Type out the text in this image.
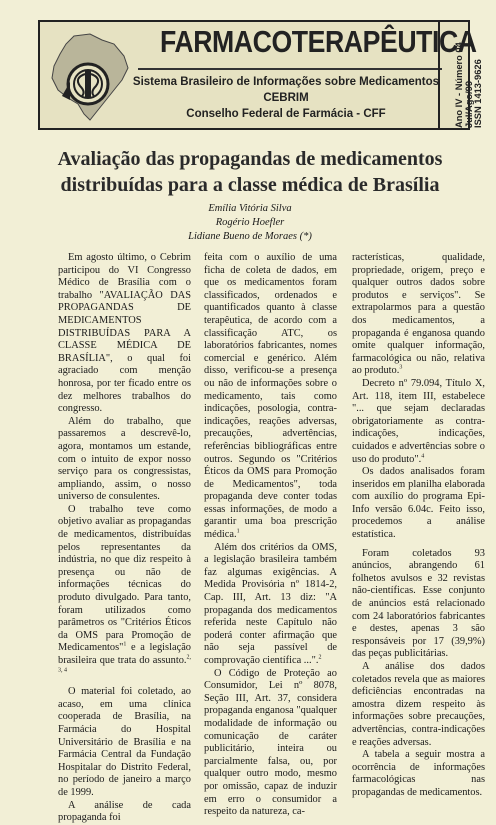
FARMACOTERAPÊUTICA
Sistema Brasileiro de Informações sobre Medicamentos
CEBRIM
Conselho Federal de Farmácia - CFF	Ano IV - Número 04 Jul/Ago/99 ISSN 1413-9626
Avaliação das propagandas de medicamentos
distribuídas para a classe médica de Brasília
Emília Vitória Silva
Rogério Hoefler
Lidiane Bueno de Moraes (*)

Em agosto último, o Cebrim participou do VI Congresso Médico de Brasília com o trabalho "AVALIAÇÃO DAS PROPAGANDAS DE MEDICAMENTOS DISTRIBUÍDAS PARA A CLASSE MÉDICA DE BRASÍLIA", o qual foi agraciado com menção honrosa, por ter ficado entre os dez melhores trabalhos do congresso.

Além do trabalho, que passaremos a descrevê-lo, agora, montamos um estande, com o intuito de expor nosso serviço para os congressistas, ampliando, assim, o nosso universo de consulentes.

O trabalho teve como objetivo avaliar as propagandas de medicamentos, distribuídas pelos representantes da indústria, no que diz respeito à presença ou não de informações técnicas do produto divulgado. Para tanto, foram utilizados como parâmetros os "Critérios Éticos da OMS para Promoção de Medicamentos"$^1$ e a legislação brasileira que trata do assunto.$^{2, 3, 4}$

O material foi coletado, ao acaso, em uma clínica cooperada de Brasília, na Farmácia do Hospital Universitário de Brasília e na Farmácia Central da Fundação Hospitalar do Distrito Federal, no período de janeiro a março de 1999.

A análise de cada propaganda foi

feita com o auxílio de uma ficha de coleta de dados, em que os medicamentos foram classificados, ordenados e quantificados quanto à classe terapêutica, de acordo com a classificação ATC, os laboratórios fabricantes, nomes comercial e genérico. Além disso, verificou-se a presença ou não de informações sobre o medicamento, tais como indicações, posologia, contra-indicações, reações adversas, precauções, advertências, referências bibliográficas entre outros. Segundo os "Critérios Éticos da OMS para Promoção de Medicamentos", toda propaganda deve conter todas essas informações, de modo a garantir uma boa prescrição médica.$^1$

Além dos critérios da OMS, a legislação brasileira também faz algumas exigências. A Medida Provisória nº 1814-2, Cap. III, Art. 13 diz: "A propaganda dos medicamentos referida neste Capítulo não poderá conter afirmação que não seja passível de comprovação científica ...".$^2$

O Código de Proteção ao Consumidor, Lei nº 8078, Seção III, Art. 37, considera propaganda enganosa "qualquer modalidade de informação ou comunicação de caráter publicitário, inteira ou parcialmente falsa, ou, por qualquer outro modo, mesmo por omissão, capaz de induzir em erro o consumidor a respeito da natureza, ca-

racterísticas, qualidade, propriedade, origem, preço e qualquer outros dados sobre produtos e serviços". Se extrapolarmos para a questão dos medicamentos, a propaganda é enganosa quando omite qualquer informação, farmacológica ou não, relativa ao produto.$^3$

Decreto nº 79.094, Título X, Art. 118, item III, estabelece "... que sejam declaradas obrigatoriamente as contra-indicações, indicações, cuidados e advertências sobre o uso do produto".$^4$

Os dados analisados foram inseridos em planilha elaborada com auxílio do programa Epi-Info versão 6.04c. Feito isso, procedemos a análise estatística.

Foram coletados 93 anúncios, abrangendo 61 folhetos avulsos e 32 revistas não-científicas. Esse conjunto de anúncios está relacionado com 24 laboratórios fabricantes e destes, apenas 3 são responsáveis por 17 (39,9%) das peças publicitárias.

A análise dos dados coletados revela que as maiores deficiências encontradas na amostra dizem respeito às informações sobre precauções, advertências, contra-indicações e reações adversas.

A tabela a seguir mostra a ocorrência de informações farmacológicas nas propagandas de medicamentos.
